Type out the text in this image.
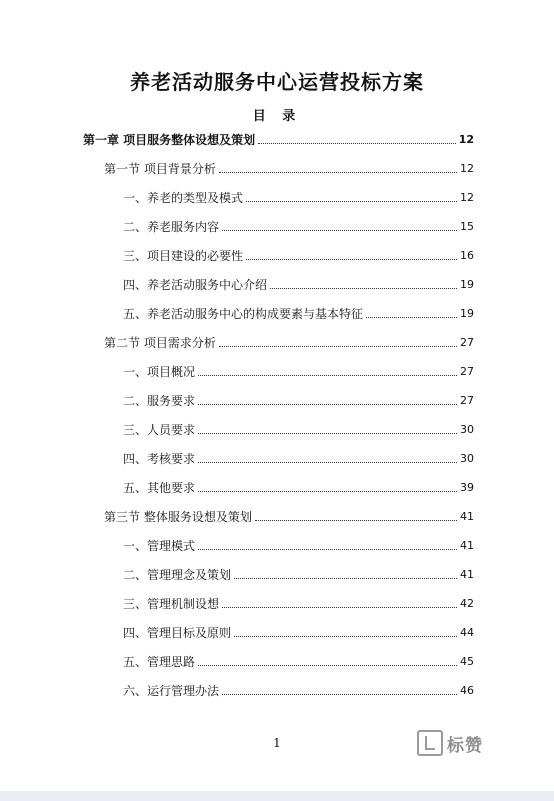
养老活动服务中心运营投标方案
目 录
第一章 项目服务整体设想及策划	12
第一节 项目背景分析	12
一、养老的类型及模式	12
二、养老服务内容	15
三、项目建设的必要性	16
四、养老活动服务中心介绍	19
五、养老活动服务中心的构成要素与基本特征	19
第二节 项目需求分析	27
一、项目概况	27
二、服务要求	27
三、人员要求	30
四、考核要求	30
五、其他要求	39
第三节 整体服务设想及策划	41
一、管理模式	41
二、管理理念及策划	41
三、管理机制设想	42
四、管理目标及原则	44
五、管理思路	45
六、运行管理办法	46
1	标赞
